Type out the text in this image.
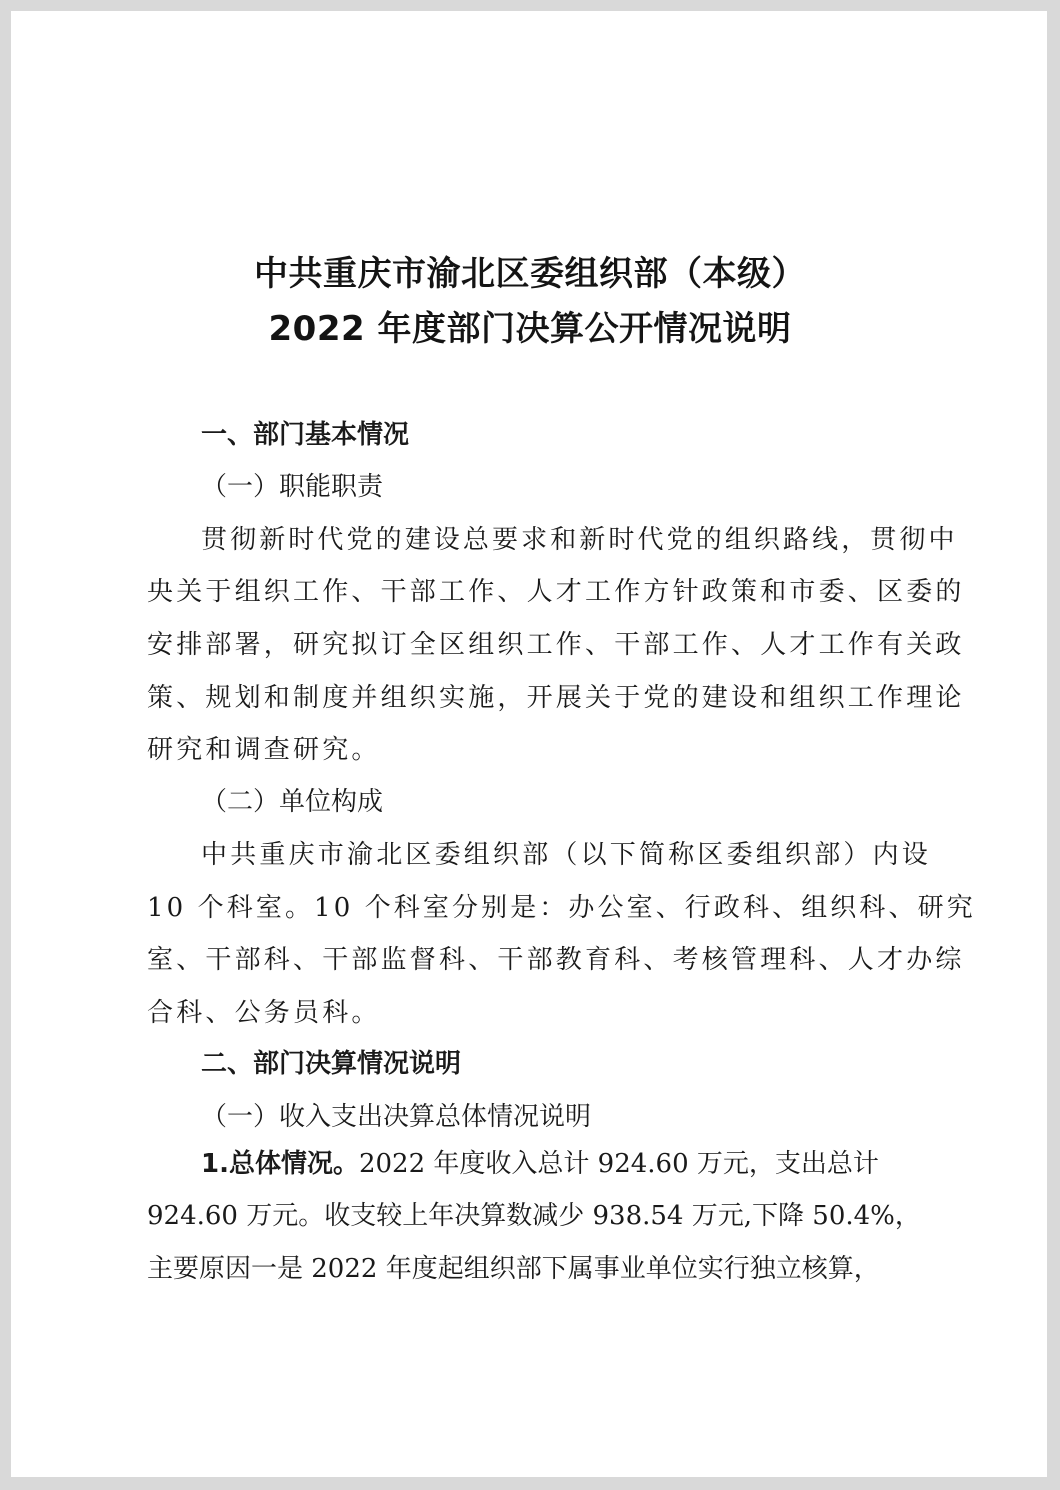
中共重庆市渝北区委组织部（本级）
2022 年度部门决算公开情况说明

一、部门基本情况

（一）职能职责

贯彻新时代党的建设总要求和新时代党的组织路线，贯彻中

央关于组织工作、干部工作、人才工作方针政策和市委、区委的

安排部署，研究拟订全区组织工作、干部工作、人才工作有关政

策、规划和制度并组织实施，开展关于党的建设和组织工作理论

研究和调查研究。

（二）单位构成

中共重庆市渝北区委组织部（以下简称区委组织部）内设

10 个科室。10 个科室分别是：办公室、行政科、组织科、研究

室、干部科、干部监督科、干部教育科、考核管理科、人才办综

合科、公务员科。

二、部门决算情况说明

（一）收入支出决算总体情况说明

1.总体情况。2022 年度收入总计 924.60 万元，支出总计

924.60 万元。收支较上年决算数减少 938.54 万元,下降 50.4%，

主要原因一是 2022 年度起组织部下属事业单位实行独立核算，
